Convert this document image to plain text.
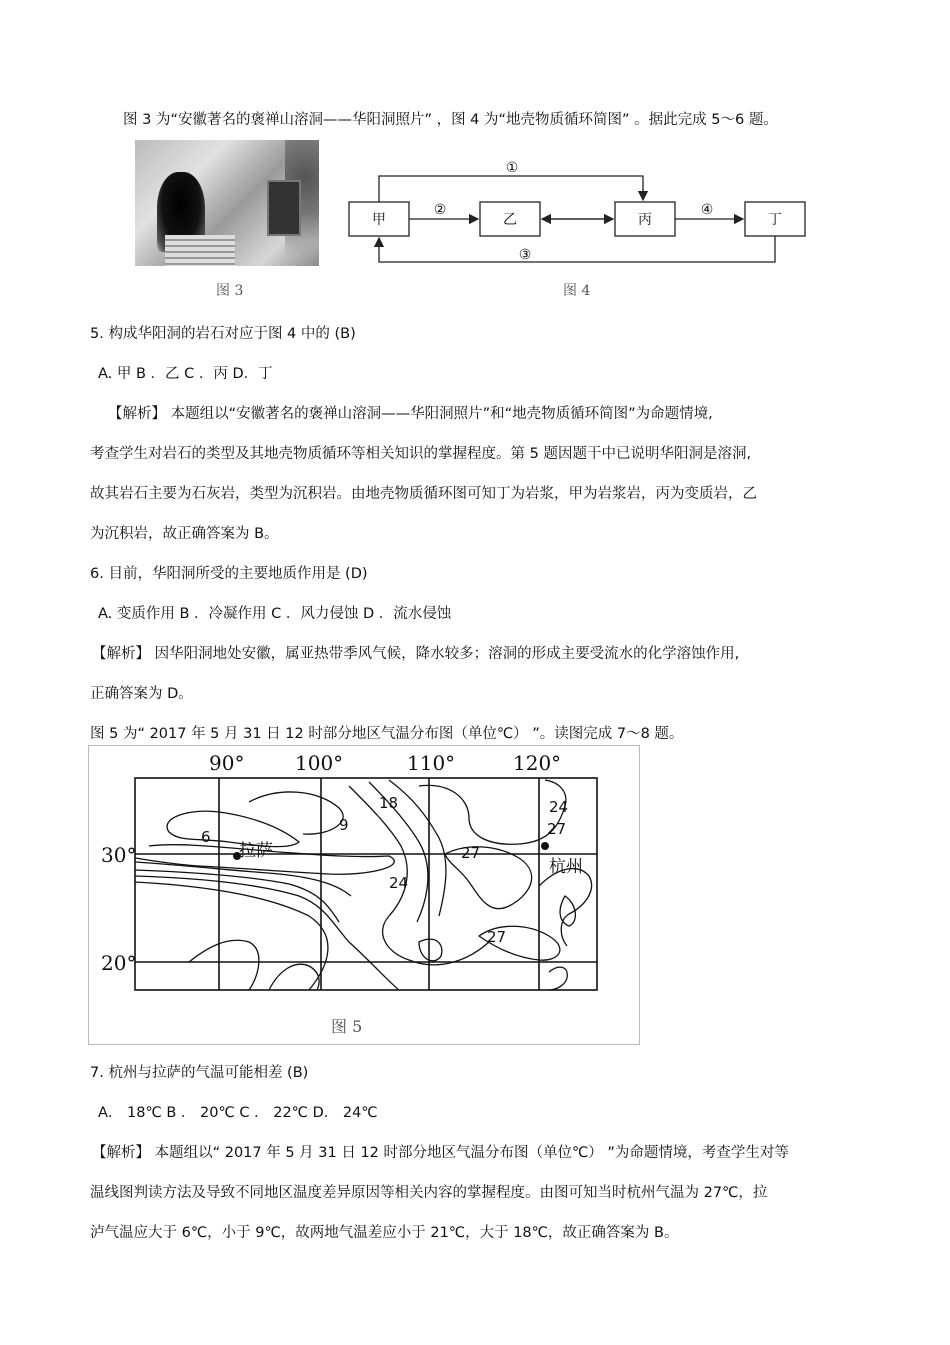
图 3 为“安徽著名的褒禅山溶洞——华阳洞照片” ，图 4 为“地壳物质循环简图” 。据此完成 5～6 题。
图 3
甲	乙	丙	丁
①
②
③
④
图 4
5. 构成华阳洞的岩石对应于图 4 中的 (B)
A. 甲 B ．乙 C ．丙 D．丁
【解析】 本题组以“安徽著名的褒禅山溶洞——华阳洞照片”和“地壳物质循环简图”为命题情境,
考查学生对岩石的类型及其地壳物质循环等相关知识的掌握程度。第 5 题因题干中已说明华阳洞是溶洞,
故其岩石主要为石灰岩，类型为沉积岩。由地壳物质循环图可知丁为岩浆，甲为岩浆岩，丙为变质岩，乙
为沉积岩，故正确答案为 B。
6. 目前，华阳洞所受的主要地质作用是 (D)
A. 变质作用 B ．冷凝作用 C ．风力侵蚀 D ．流水侵蚀
【解析】 因华阳洞地处安徽，属亚热带季风气候，降水较多；溶洞的形成主要受流水的化学溶蚀作用,
正确答案为 D。
图 5 为“ 2017 年 5 月 31 日 12 时部分地区气温分布图（单位℃） ”。读图完成 7～8 题。
90°	100°	110°	120°
30°
20°
拉萨
杭州
6
9
18
24
27
27
24
27
图 5
7. 杭州与拉萨的气温可能相差 (B)
A． 18℃ B ． 20℃ C ． 22℃ D． 24℃
【解析】 本题组以“ 2017 年 5 月 31 日 12 时部分地区气温分布图（单位℃） ”为命题情境，考查学生对等
温线图判读方法及导致不同地区温度差异原因等相关内容的掌握程度。由图可知当时杭州气温为 27℃，拉
泸气温应大于 6℃，小于 9℃，故两地气温差应小于 21℃，大于 18℃，故正确答案为 B。
